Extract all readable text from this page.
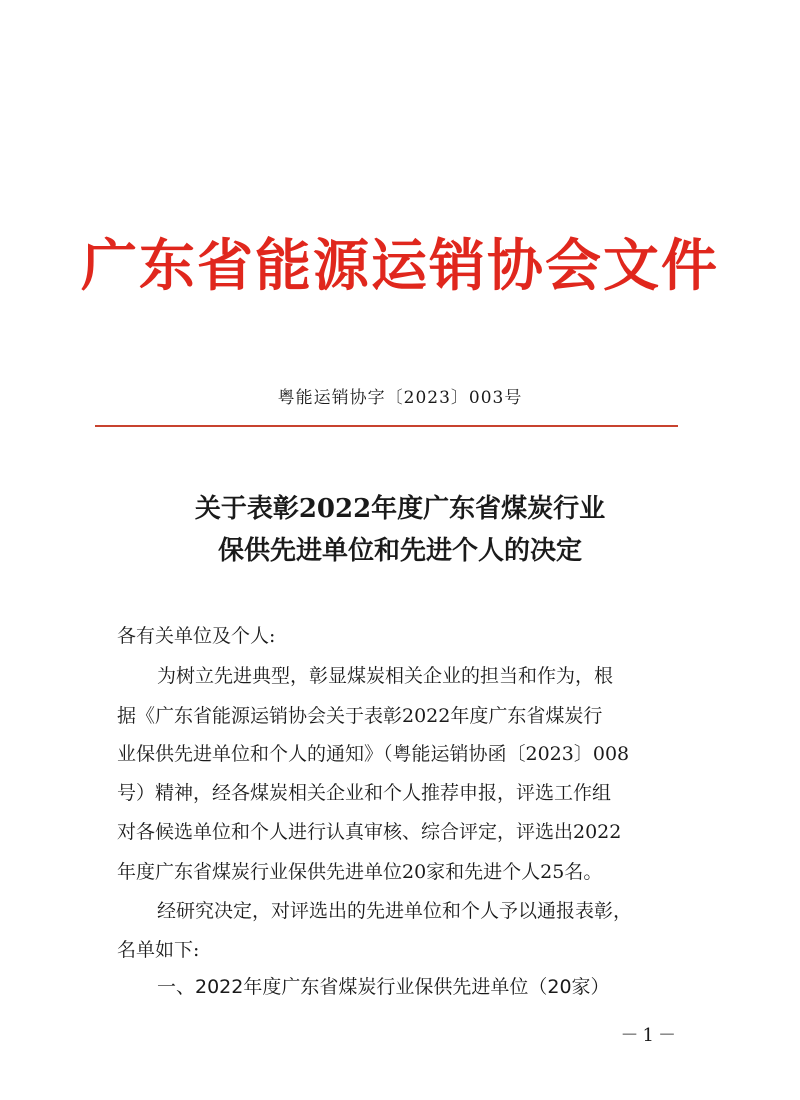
广东省能源运销协会文件
粤能运销协字〔2023〕003号
关于表彰2022年度广东省煤炭行业
保供先进单位和先进个人的决定
各有关单位及个人:
为树立先进典型，彰显煤炭相关企业的担当和作为，根
据《广东省能源运销协会关于表彰2022年度广东省煤炭行
业保供先进单位和个人的通知》（粤能运销协函〔2023〕008
号）精神，经各煤炭相关企业和个人推荐申报，评选工作组
对各候选单位和个人进行认真审核、综合评定，评选出2022
年度广东省煤炭行业保供先进单位20家和先进个人25名。
经研究决定，对评选出的先进单位和个人予以通报表彰，
名单如下:
一、2022年度广东省煤炭行业保供先进单位（20家）
－1－
